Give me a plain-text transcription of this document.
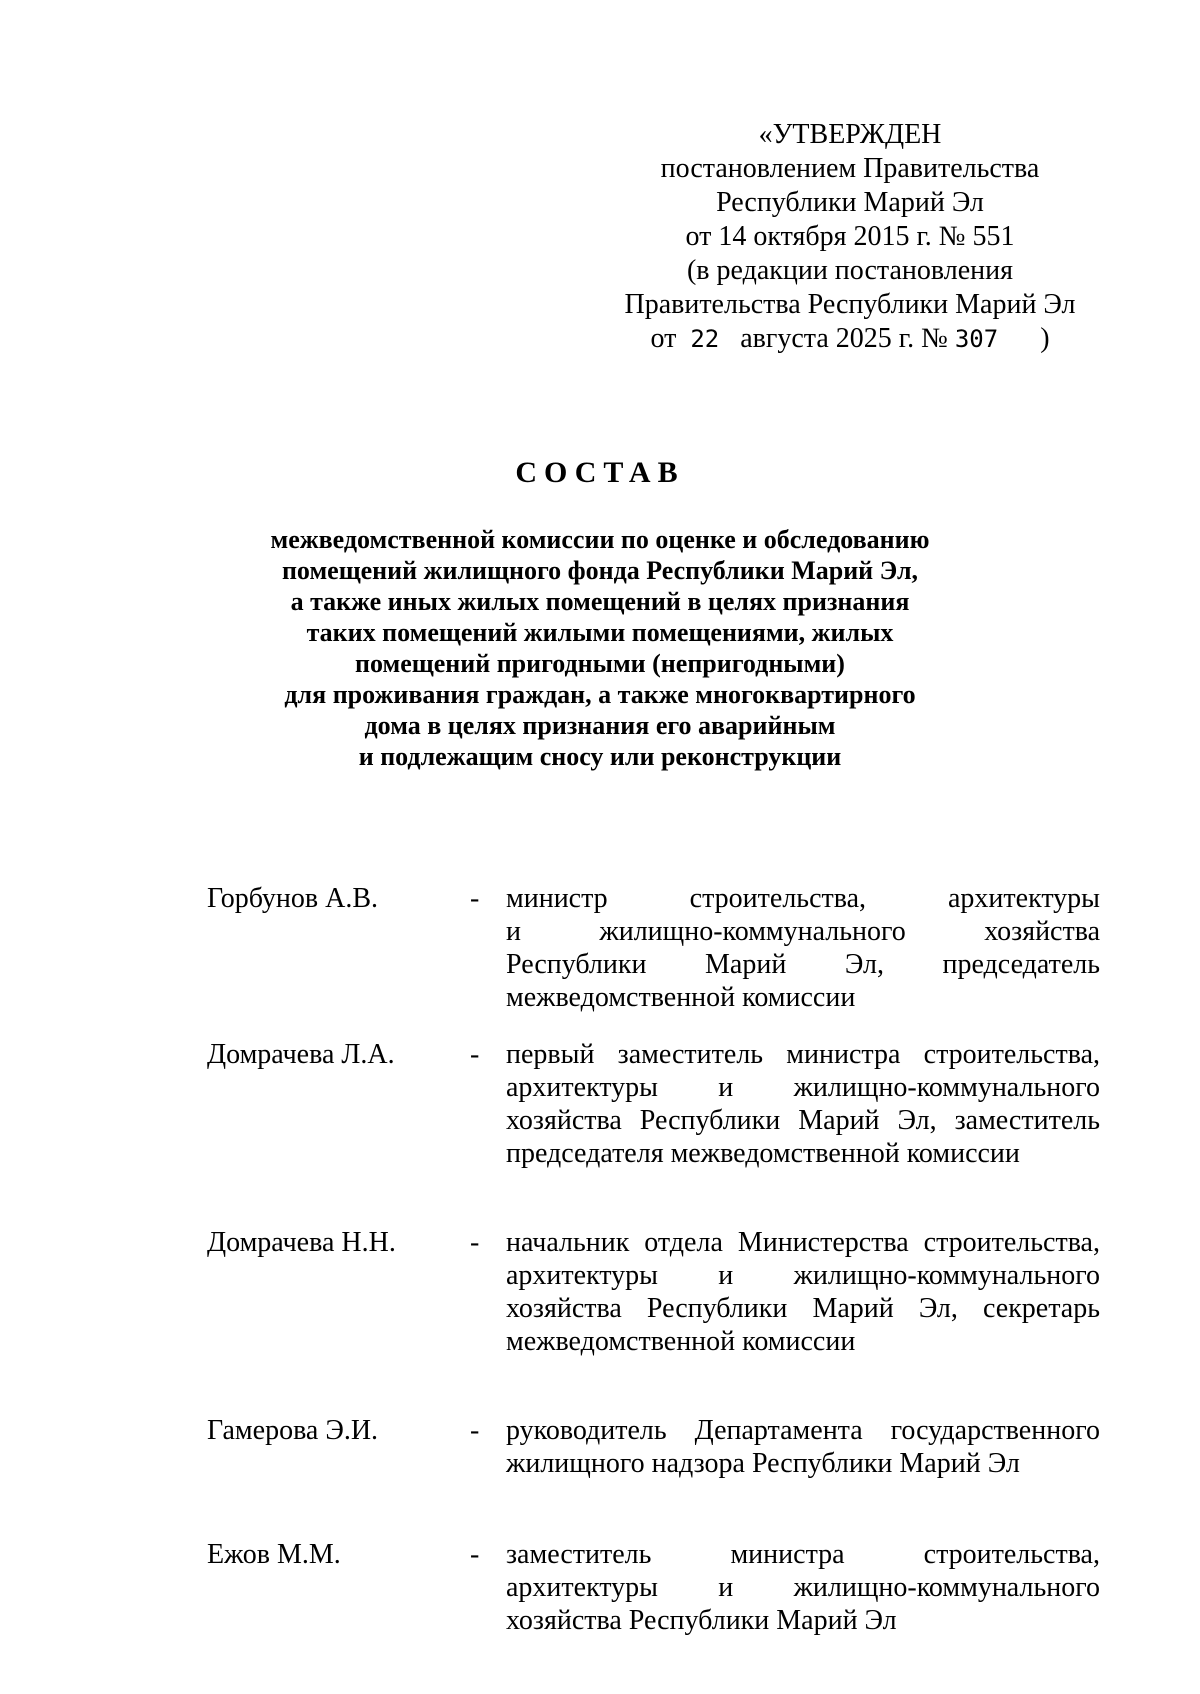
«УТВЕРЖДЕН
постановлением Правительства
Республики Марий Эл
от 14 октября 2015 г. № 551
(в редакции постановления
Правительства Республики Марий Эл
от 22 августа 2025 г. № 307 )
СОСТАВ
межведомственной комиссии по оценке и обследованию
помещений жилищного фонда Республики Марий Эл,
а также иных жилых помещений в целях признания
таких помещений жилыми помещениями, жилых
помещений пригодными (непригодными)
для проживания граждан, а также многоквартирного
дома в целях признания его аварийным
и подлежащим сносу или реконструкции
Горбунов А.В.	- министр строительства, архитектуры
и жилищно-коммунального хозяйства
Республики Марий Эл, председатель
межведомственной комиссии
Домрачева Л.А.	- первый заместитель министра строительства,
архитектуры и жилищно-коммунального
хозяйства Республики Марий Эл, заместитель
председателя межведомственной комиссии
Домрачева Н.Н.	- начальник отдела Министерства строительства,
архитектуры и жилищно-коммунального
хозяйства Республики Марий Эл, секретарь
межведомственной комиссии
Гамерова Э.И.	- руководитель Департамента государственного
жилищного надзора Республики Марий Эл
Ежов М.М.	- заместитель министра строительства,
архитектуры и жилищно-коммунального
хозяйства Республики Марий Эл
